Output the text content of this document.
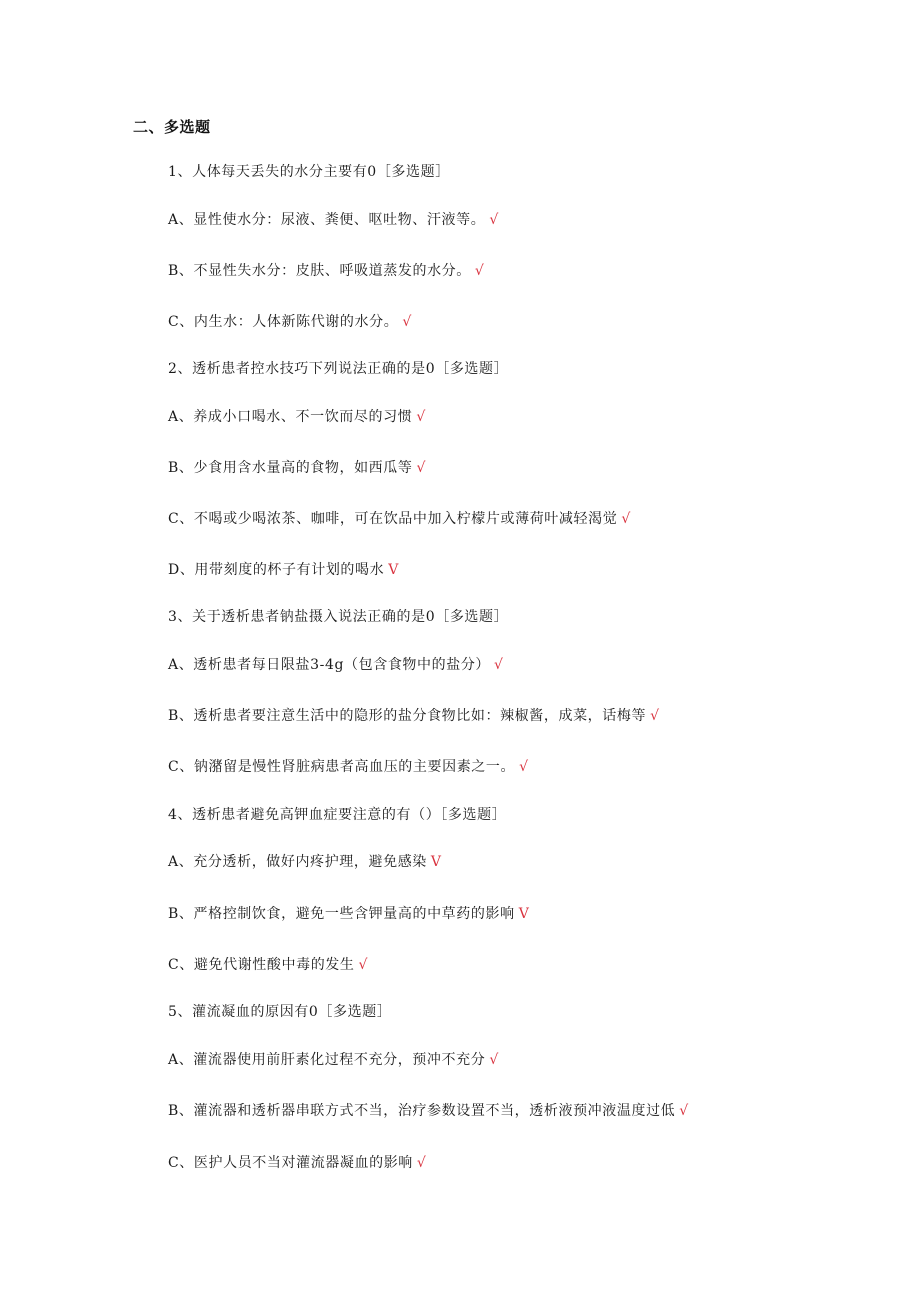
二、多选题
1、人体每天丢失的水分主要有0［多选题］
A、显性使水分：尿液、粪便、呕吐物、汗液等。 √
B、不显性失水分：皮肤、呼吸道蒸发的水分。 √
C、内生水：人体新陈代谢的水分。 √
2、透析患者控水技巧下列说法正确的是0［多选题］
A、养成小口喝水、不一饮而尽的习惯 √
B、少食用含水量高的食物，如西瓜等 √
C、不喝或少喝浓茶、咖啡，可在饮品中加入柠檬片或薄荷叶减轻渴觉 √
D、用带刻度的杯子有计划的喝水 V
3、关于透析患者钠盐摄入说法正确的是0［多选题］
A、透析患者每日限盐3-4g（包含食物中的盐分） √
B、透析患者要注意生活中的隐形的盐分食物比如：辣椒酱，成菜，话梅等 √
C、钠潴留是慢性肾脏病患者高血压的主要因素之一。 √
4、透析患者避免高钾血症要注意的有（）［多选题］
A、充分透析，做好内疼护理，避免感染 V
B、严格控制饮食，避免一些含钾量高的中草药的影响 V
C、避免代谢性酸中毒的发生 √
5、灌流凝血的原因有0［多选题］
A、灌流器使用前肝素化过程不充分，预冲不充分 √
B、灌流器和透析器串联方式不当，治疗参数设置不当，透析液预冲液温度过低 √
C、医护人员不当对灌流器凝血的影响 √
